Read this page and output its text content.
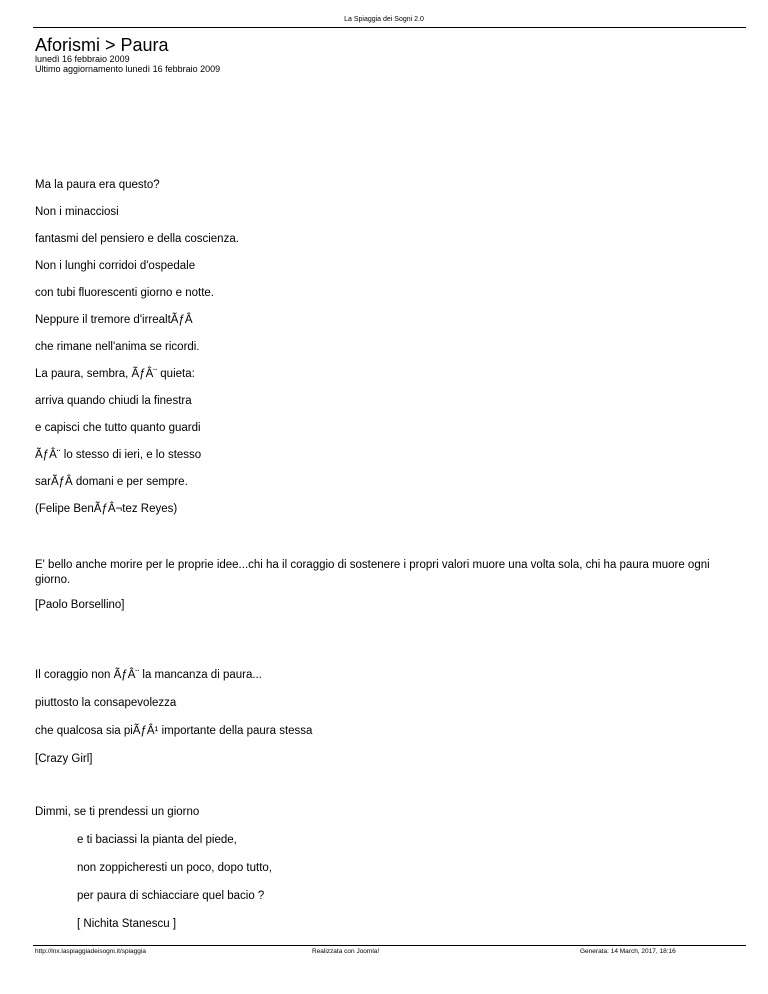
La Spiaggia dei Sogni 2.0
Aforismi > Paura
lunedì 16 febbraio 2009
Ultimo aggiornamento lunedì 16 febbraio 2009
Ma la paura era questo?
Non i minacciosi
fantasmi del pensiero e della coscienza.
Non i lunghi corridoi d'ospedale
con tubi fluorescenti giorno e notte.
Neppure il tremore d'irrealtÃƒÂ
che rimane nell'anima se ricordi.
La paura, sembra, ÃƒÂ¨ quieta:
arriva quando chiudi la finestra
e capisci che tutto quanto guardi
ÃƒÂ¨ lo stesso di ieri, e lo stesso
sarÃƒÂ domani e per sempre.
(Felipe BenÃƒÂ¬tez Reyes)
E' bello anche morire per le proprie idee...chi ha il coraggio di sostenere i propri valori muore una volta sola, chi ha paura muore ogni giorno.
[Paolo Borsellino]
Il coraggio non ÃƒÂ¨ la mancanza di paura...
piuttosto la consapevolezza
che qualcosa sia piÃƒÂ¹ importante della paura stessa
[Crazy Girl]
Dimmi, se ti prendessi un giorno
e ti baciassi la pianta del piede,
non zoppicheresti un poco, dopo tutto,
per paura di schiacciare quel bacio ?
[ Nichita Stanescu ]
http://lnx.laspiaggiadeisogni.it/spiaggia	Realizzata con Joomla!	Generata: 14 March, 2017, 18:16
